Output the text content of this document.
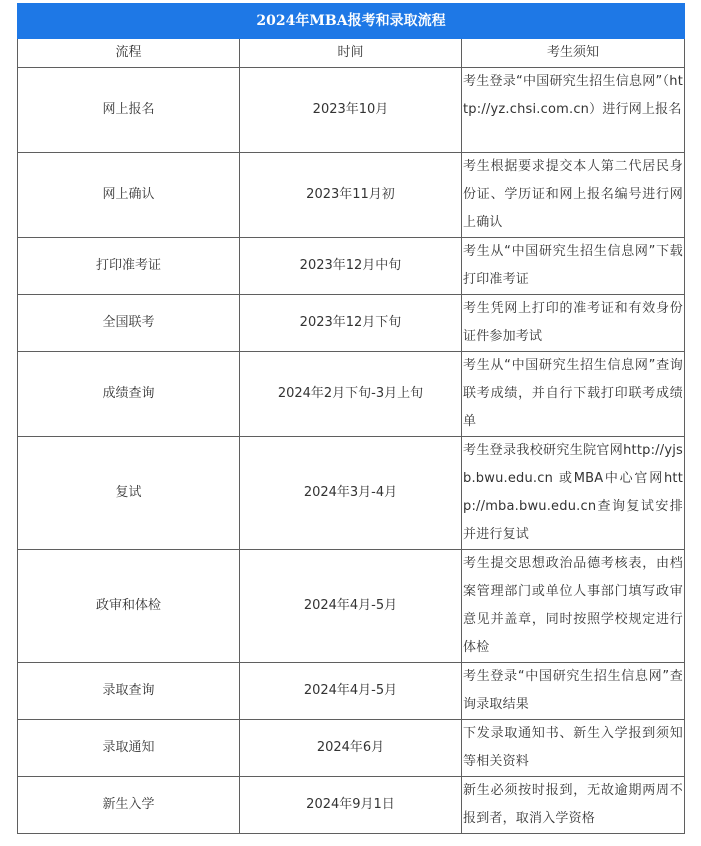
2024年MBA报考和录取流程		
流程	时间	考生须知
网上报名	2023年10月	考生登录“中国研究生招生信息网”（http://yz.chsi.com.cn）进行网上报名
网上确认	2023年11月初	考生根据要求提交本人第二代居民身份证、学历证和网上报名编号进行网上确认
打印准考证	2023年12月中旬	考生从“中国研究生招生信息网”下载打印准考证
全国联考	2023年12月下旬	考生凭网上打印的准考证和有效身份证件参加考试
成绩查询	2024年2月下旬-3月上旬	考生从“中国研究生招生信息网”查询联考成绩，并自行下载打印联考成绩单
复试	2024年3月-4月	考生登录我校研究生院官网http://yjsb.bwu.edu.cn 或MBA中心官网http://mba.bwu.edu.cn查询复试安排并进行复试
政审和体检	2024年4月-5月	考生提交思想政治品德考核表，由档案管理部门或单位人事部门填写政审意见并盖章，同时按照学校规定进行体检
录取查询	2024年4月-5月	考生登录“中国研究生招生信息网”查询录取结果
录取通知	2024年6月	下发录取通知书、新生入学报到须知等相关资料
新生入学	2024年9月1日	新生必须按时报到，无故逾期两周不报到者，取消入学资格
